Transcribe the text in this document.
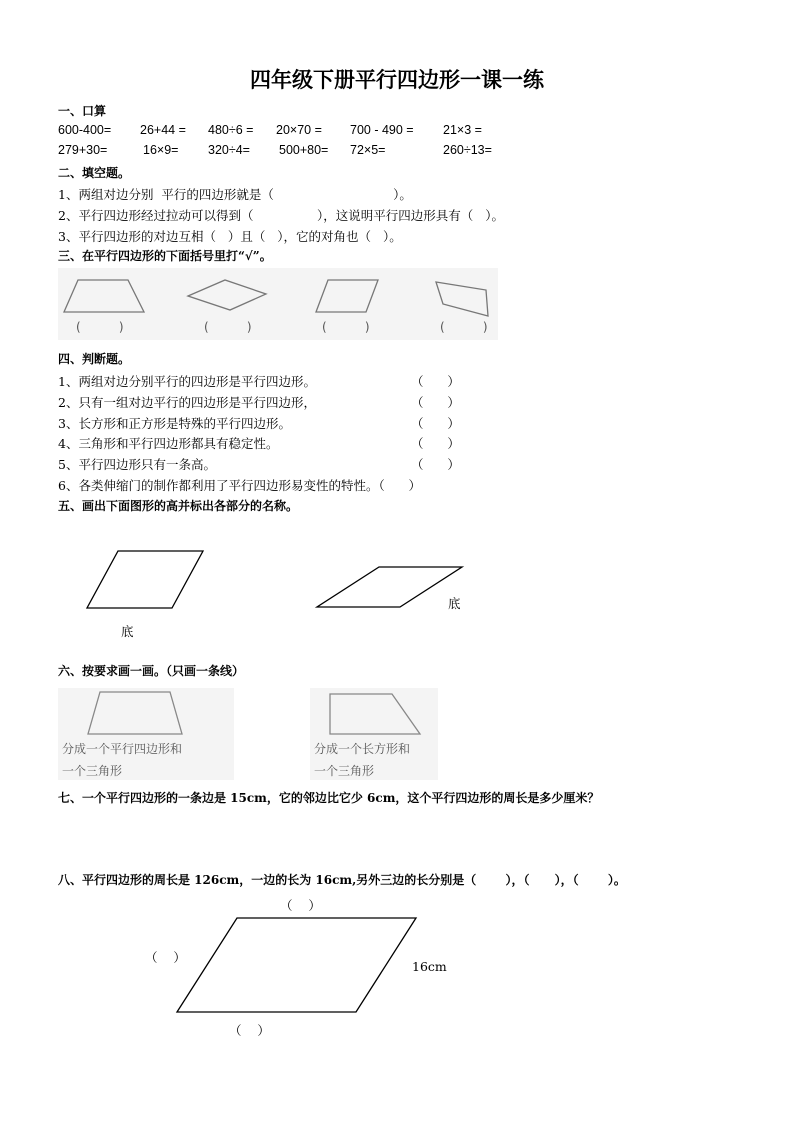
四年级下册平行四边形一课一练
一、口算
600-400= 26+44 = 480÷6 = 20×70 = 700 - 490 = 21×3 =
279+30=	16×9= 320÷4= 500+80= 72×5=	260÷13=
二、填空题。
1、两组对边分别  平行的四边形就是（                              ）。
2、平行四边形经过拉动可以得到（                ），这说明平行四边形具有（   ）。
3、平行四边形的对边互相（   ）且（   ），它的对角也（   ）。
三、在平行四边形的下面括号里打“√”。
(          )	(          )	(          )	(          )
四、判断题。
1、两组对边分别平行的四边形是平行四边形。	（      ）
2、只有一组对边平行的四边形是平行四边形，	（      ）
3、长方形和正方形是特殊的平行四边形。	（      ）
4、三角形和平行四边形都具有稳定性。	（      ）
5、平行四边形只有一条高。	（      ）
6、各类伸缩门的制作都利用了平行四边形易变性的特性。（      ）
五、画出下面图形的高并标出各部分的名称。
底
底
六、按要求画一画。（只画一条线）
分成一个平行四边形和
一个三角形
分成一个长方形和
一个三角形
七、一个平行四边形的一条边是 15cm，它的邻边比它少 6cm，这个平行四边形的周长是多少厘米？
八、平行四边形的周长是 126cm，一边的长为 16cm,另外三边的长分别是（       ），（      ），（       ）。
（    ）
（    ）
16cm
（    ）
